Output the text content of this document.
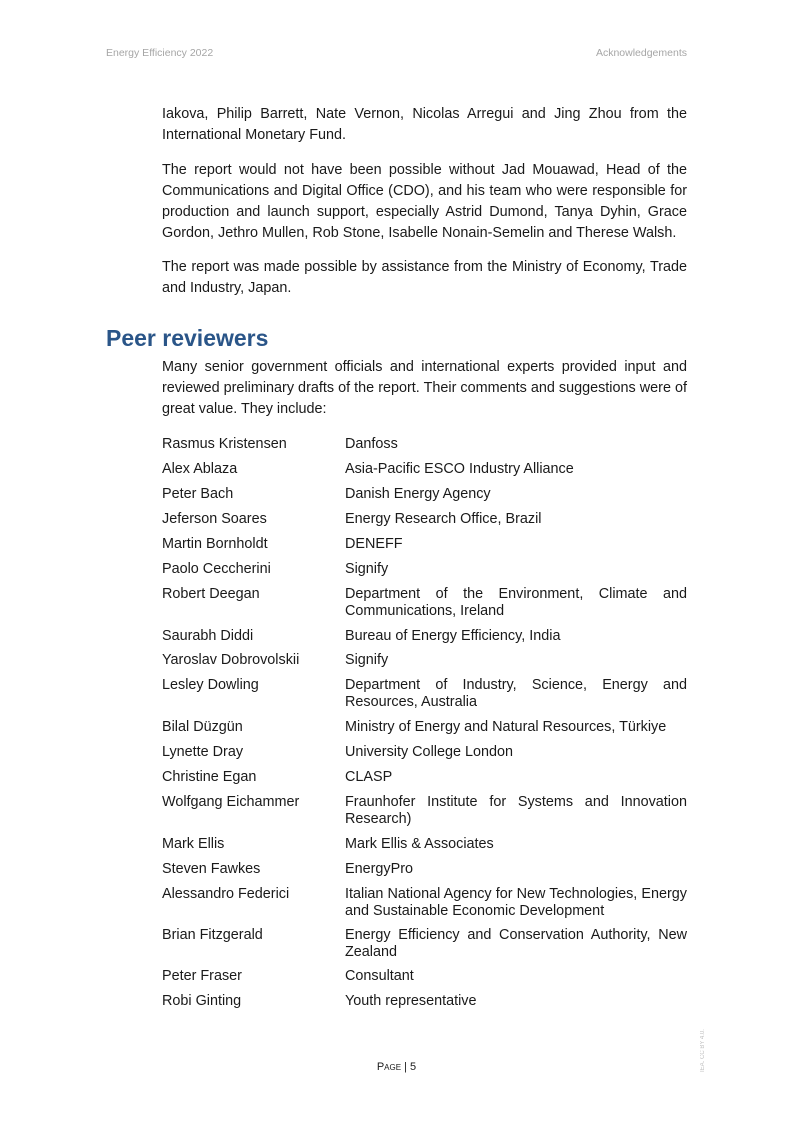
Energy Efficiency 2022	Acknowledgements

Iakova, Philip Barrett, Nate Vernon, Nicolas Arregui and Jing Zhou from the International Monetary Fund.

The report would not have been possible without Jad Mouawad, Head of the Communications and Digital Office (CDO), and his team who were responsible for production and launch support, especially Astrid Dumond, Tanya Dyhin, Grace Gordon, Jethro Mullen, Rob Stone, Isabelle Nonain-Semelin and Therese Walsh.

The report was made possible by assistance from the Ministry of Economy, Trade and Industry, Japan.

Peer reviewers

Many senior government officials and international experts provided input and reviewed preliminary drafts of the report. Their comments and suggestions were of great value. They include:

Rasmus Kristensen	Danfoss
Alex Ablaza	Asia-Pacific ESCO Industry Alliance
Peter Bach	Danish Energy Agency
Jeferson Soares	Energy Research Office, Brazil
Martin Bornholdt	DENEFF
Paolo Ceccherini	Signify
Robert Deegan	Department of the Environment, Climate and Communications, Ireland
Saurabh Diddi	Bureau of Energy Efficiency, India
Yaroslav Dobrovolskii	Signify
Lesley Dowling	Department of Industry, Science, Energy and Resources, Australia
Bilal Düzgün	Ministry of Energy and Natural Resources, Türkiye
Lynette Dray	University College London
Christine Egan	CLASP
Wolfgang Eichammer	Fraunhofer Institute for Systems and Innovation Research)
Mark Ellis	Mark Ellis & Associates
Steven Fawkes	EnergyPro
Alessandro Federici	Italian National Agency for New Technologies, Energy and Sustainable Economic Development
Brian Fitzgerald	Energy Efficiency and Conservation Authority, New Zealand
Peter Fraser	Consultant
Robi Ginting	Youth representative
Page | 5	IEA. CC BY 4.0.
